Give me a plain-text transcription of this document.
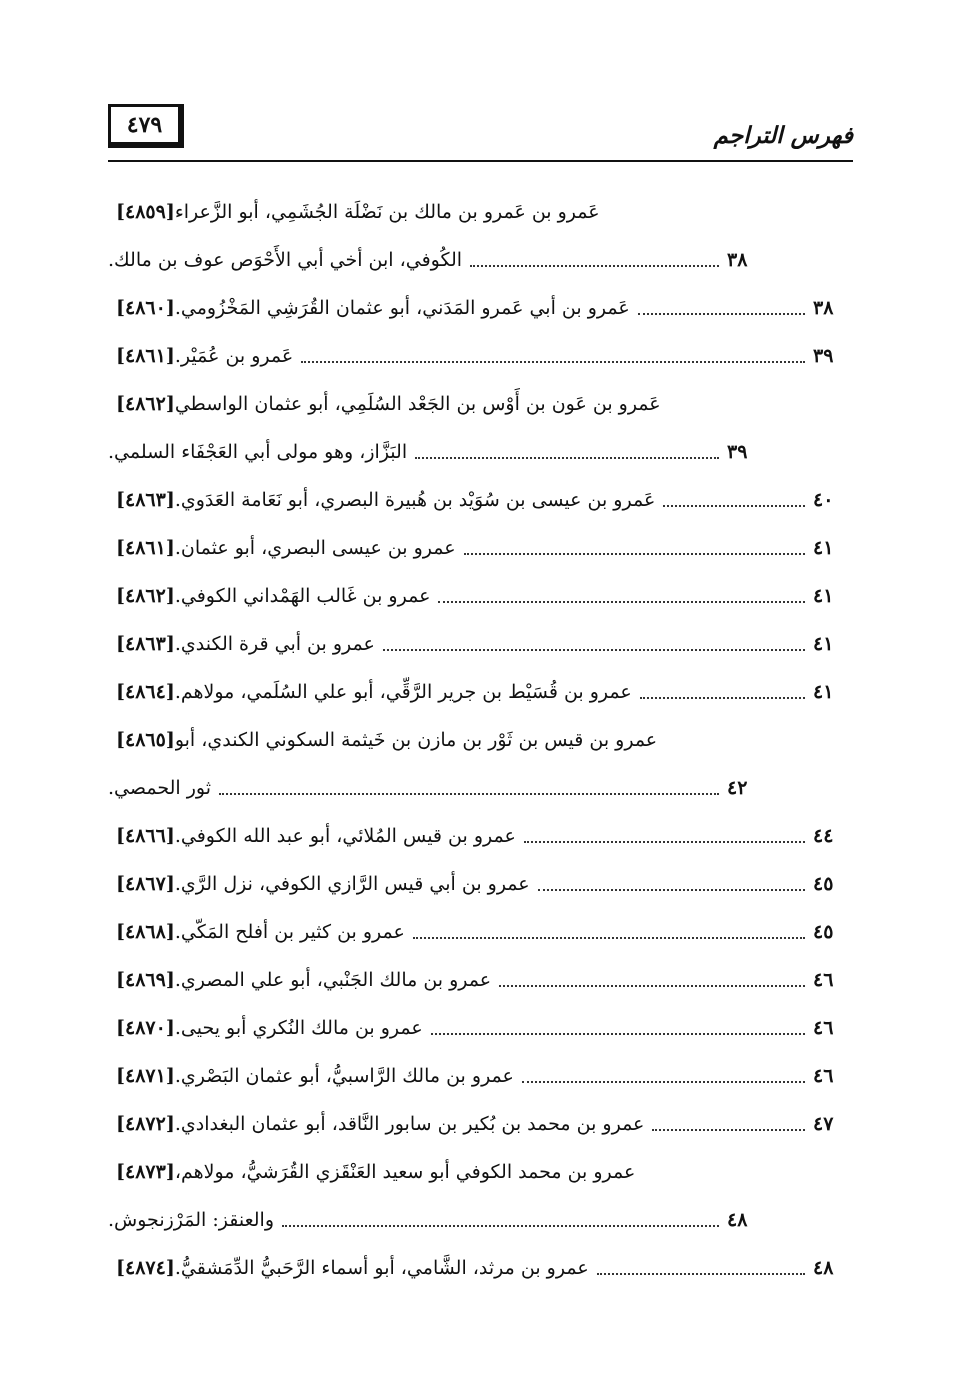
٤٧٩	فهرس التراجم
[٤٨٥٩] عَمرو بن عَمرو بن مالك بن نَضْلَة الجُشَمِي، أبو الزَّعراء
الكُوفي، ابن أخي أبي الأَحْوَص عوف بن مالك.	٣٨
[٤٨٦٠] عَمرو بن أبي عَمرو المَدَني، أبو عثمان القُرَشِي المَخْزُومي.	٣٨
[٤٨٦١] عَمرو بن عُمَيْر.	٣٩
[٤٨٦٢] عَمرو بن عَون بن أَوْس بن الجَعْد السُلَمِي، أبو عثمان الواسطي
البَزَّاز، وهو مولى أبي العَجْفَاء السلمي.	٣٩
[٤٨٦٣] عَمرو بن عيسى بن سُوَيْد بن هُبيرة البصري، أبو نَعَامة العَدَوي.	٤٠
[٤٨٦١] عمرو بن عيسى البصري، أبو عثمان.	٤١
[٤٨٦٢] عمرو بن غَالب الهَمْداني الكوفي.	٤١
[٤٨٦٣] عمرو بن أبي قرة الكندي.	٤١
[٤٨٦٤] عمرو بن قُسَيْط بن جرير الرَّقِّي، أبو علي السُلَمي، مولاهم.	٤١
[٤٨٦٥] عمرو بن قيس بن ثَوْر بن مازن بن خَيثمة السكوني الكندي، أبو
ثور الحمصي.	٤٢
[٤٨٦٦] عمرو بن قيس المُلائي، أبو عبد الله الكوفي.	٤٤
[٤٨٦٧] عمرو بن أبي قيس الرَّازي الكوفي، نزل الرَّي.	٤٥
[٤٨٦٨] عمرو بن كثير بن أفلح المَكّي.	٤٥
[٤٨٦٩] عمرو بن مالك الجَنْبي، أبو علي المصري.	٤٦
[٤٨٧٠] عمرو بن مالك النُكري أبو يحيى.	٤٦
[٤٨٧١] عمرو بن مالك الرَّاسبيُّ، أبو عثمان البَصْري.	٤٦
[٤٨٧٢] عمرو بن محمد بن بُكير بن سابور النَّاقد، أبو عثمان البغدادي.	٤٧
[٤٨٧٣] عمرو بن محمد الكوفي أبو سعيد العَنْقَزي القُرَشيُّ، مولاهم،
والعنقز: المَرْزنجوش.	٤٨
[٤٨٧٤] عمرو بن مرثد، الشَّامي، أبو أسماء الرَّحَبيُّ الدِّمَشقيُّ.	٤٨
